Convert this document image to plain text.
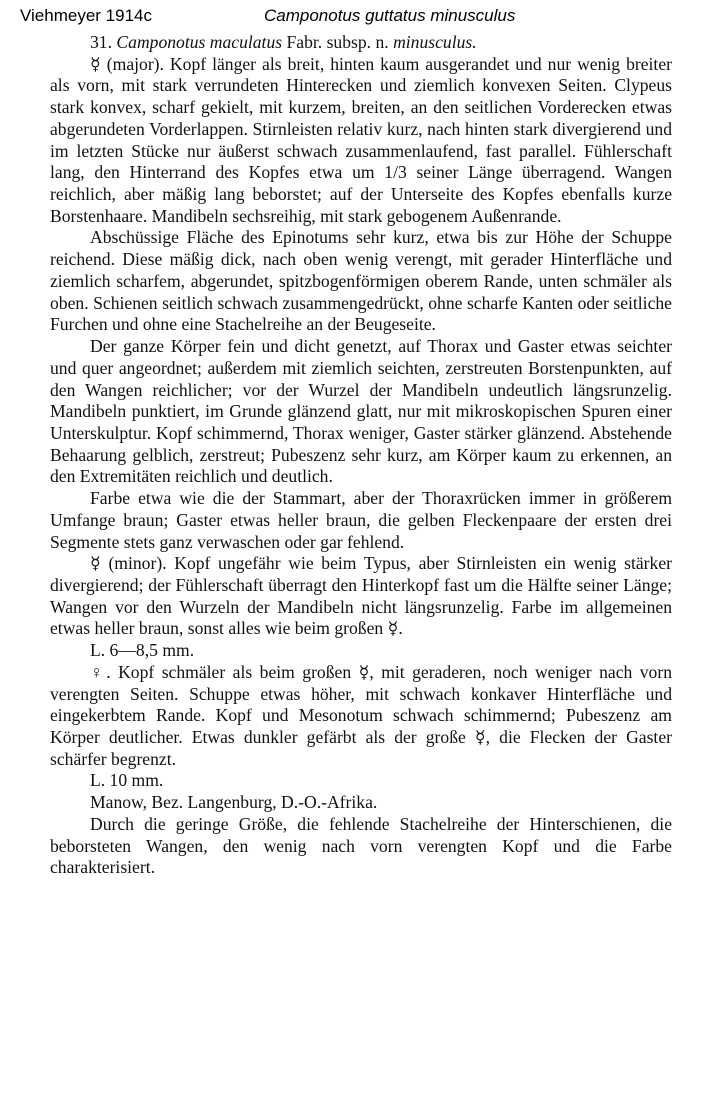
Viehmeyer 1914c	Camponotus guttatus minusculus

31. Camponotus maculatus Fabr. subsp. n. minusculus.

☿ (major). Kopf länger als breit, hinten kaum ausgerandet und nur wenig breiter als vorn, mit stark verrundeten Hinterecken und ziemlich konvexen Seiten. Clypeus stark konvex, scharf gekielt, mit kurzem, breiten, an den seitlichen Vorderecken etwas abgerundeten Vorderlappen. Stirnleisten relativ kurz, nach hinten stark divergierend und im letzten Stücke nur äußerst schwach zusammenlaufend, fast parallel. Fühlerschaft lang, den Hinterrand des Kopfes etwa um 1/3 seiner Länge überragend. Wangen reichlich, aber mäßig lang beborstet; auf der Unterseite des Kopfes ebenfalls kurze Borstenhaare. Mandibeln sechsreihig, mit stark gebogenem Außenrande.

Abschüssige Fläche des Epinotums sehr kurz, etwa bis zur Höhe der Schuppe reichend. Diese mäßig dick, nach oben wenig verengt, mit gerader Hinterfläche und ziemlich scharfem, abgerundet, spitzbogenförmigen oberem Rande, unten schmäler als oben. Schienen seitlich schwach zusammengedrückt, ohne scharfe Kanten oder seitliche Furchen und ohne eine Stachelreihe an der Beugeseite.

Der ganze Körper fein und dicht genetzt, auf Thorax und Gaster etwas seichter und quer angeordnet; außerdem mit ziemlich seichten, zerstreuten Borstenpunkten, auf den Wangen reichlicher; vor der Wurzel der Mandibeln undeutlich längsrunzelig. Mandibeln punktiert, im Grunde glänzend glatt, nur mit mikroskopischen Spuren einer Unterskulptur. Kopf schimmernd, Thorax weniger, Gaster stärker glänzend. Abstehende Behaarung gelblich, zerstreut; Pubeszenz sehr kurz, am Körper kaum zu erkennen, an den Extremitäten reichlich und deutlich.

Farbe etwa wie die der Stammart, aber der Thoraxrücken immer in größerem Umfange braun; Gaster etwas heller braun, die gelben Fleckenpaare der ersten drei Segmente stets ganz verwaschen oder gar fehlend.

☿ (minor). Kopf ungefähr wie beim Typus, aber Stirnleisten ein wenig stärker divergierend; der Fühlerschaft überragt den Hinterkopf fast um die Hälfte seiner Länge; Wangen vor den Wurzeln der Mandibeln nicht längsrunzelig. Farbe im allgemeinen etwas heller braun, sonst alles wie beim großen ☿.

L. 6—8,5 mm.

♀. Kopf schmäler als beim großen ☿, mit geraderen, noch weniger nach vorn verengten Seiten. Schuppe etwas höher, mit schwach konkaver Hinterfläche und eingekerbtem Rande. Kopf und Mesonotum schwach schimmernd; Pubeszenz am Körper deutlicher. Etwas dunkler gefärbt als der große ☿, die Flecken der Gaster schärfer begrenzt.

L. 10 mm.

Manow, Bez. Langenburg, D.-O.-Afrika.

Durch die geringe Größe, die fehlende Stachelreihe der Hinterschienen, die beborsteten Wangen, den wenig nach vorn verengten Kopf und die Farbe charakterisiert.
